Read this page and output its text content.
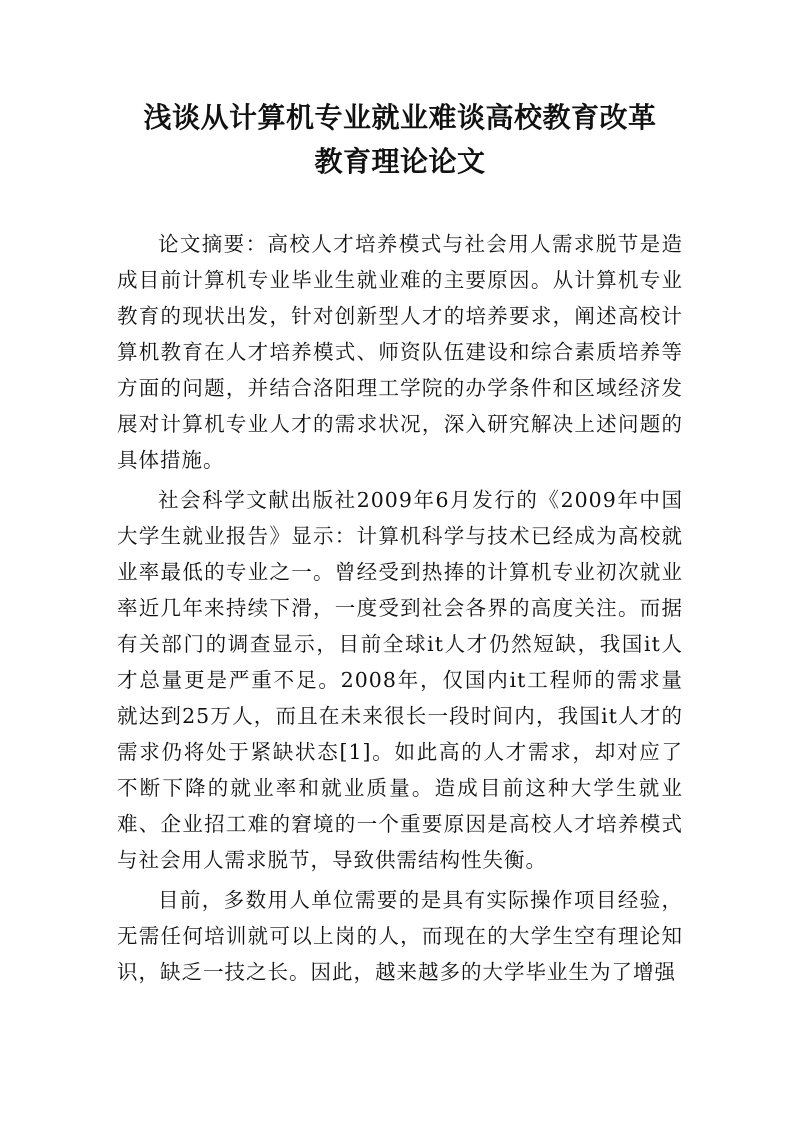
浅谈从计算机专业就业难谈高校教育改革
教育理论论文

论文摘要：高校人才培养模式与社会用人需求脱节是造成目前计算机专业毕业生就业难的主要原因。从计算机专业教育的现状出发，针对创新型人才的培养要求，阐述高校计算机教育在人才培养模式、师资队伍建设和综合素质培养等方面的问题，并结合洛阳理工学院的办学条件和区域经济发展对计算机专业人才的需求状况，深入研究解决上述问题的具体措施。

社会科学文献出版社2009年6月发行的《2009年中国大学生就业报告》显示：计算机科学与技术已经成为高校就业率最低的专业之一。曾经受到热捧的计算机专业初次就业率近几年来持续下滑，一度受到社会各界的高度关注。而据有关部门的调查显示，目前全球it人才仍然短缺，我国it人才总量更是严重不足。2008年，仅国内it工程师的需求量就达到25万人，而且在未来很长一段时间内，我国it人才的需求仍将处于紧缺状态[1]。如此高的人才需求，却对应了不断下降的就业率和就业质量。造成目前这种大学生就业难、企业招工难的窘境的一个重要原因是高校人才培养模式与社会用人需求脱节，导致供需结构性失衡。

目前，多数用人单位需要的是具有实际操作项目经验，无需任何培训就可以上岗的人，而现在的大学生空有理论知识，缺乏一技之长。因此，越来越多的大学毕业生为了增强
